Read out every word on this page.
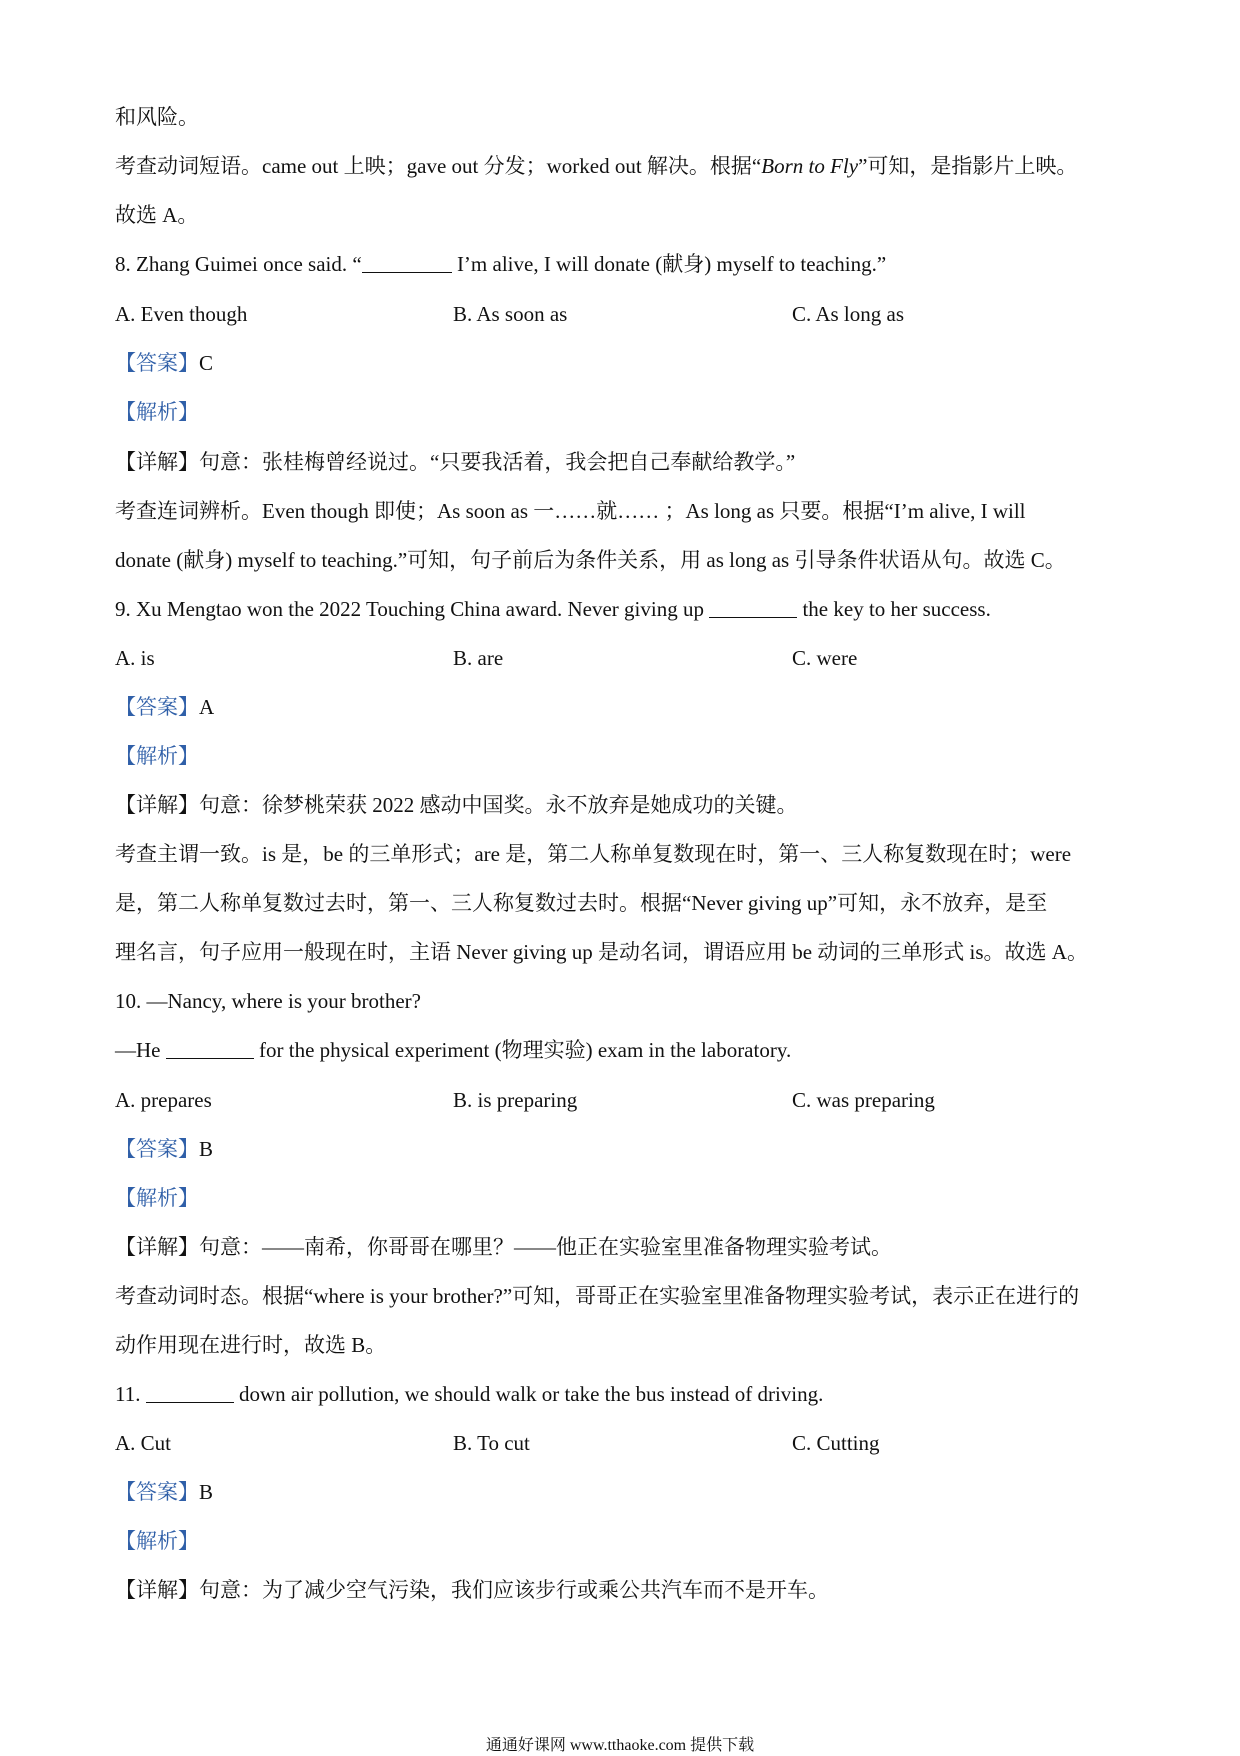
和风险。
考查动词短语。came out 上映；gave out 分发；worked out 解决。根据“Born to Fly”可知，是指影片上映。
故选 A。
8. Zhang Guimei once said. “	I’m alive, I will donate (献身) myself to teaching.”
A. Even though	B. As soon as	C. As long as
【答案】C
【解析】
【详解】句意：张桂梅曾经说过。“只要我活着，我会把自己奉献给教学。”
考查连词辨析。Even though 即使；As soon as 一……就…… ；As long as 只要。根据“I’m alive, I will
donate (献身) myself to teaching.”可知，句子前后为条件关系，用 as long as 引导条件状语从句。故选 C。
9. Xu Mengtao won the 2022 Touching China award. Never giving up	the key to her success.
A. is	B. are	C. were
【答案】A
【解析】
【详解】句意：徐梦桃荣获 2022 感动中国奖。永不放弃是她成功的关键。
考查主谓一致。is 是，be 的三单形式；are 是，第二人称单复数现在时，第一、三人称复数现在时；were
是，第二人称单复数过去时，第一、三人称复数过去时。根据“Never giving up”可知，永不放弃，是至
理名言，句子应用一般现在时，主语 Never giving up 是动名词，谓语应用 be 动词的三单形式 is。故选 A。
10. —Nancy, where is your brother?
—He	for the physical experiment (物理实验) exam in the laboratory.
A. prepares	B. is preparing	C. was preparing
【答案】B
【解析】
【详解】句意：——南希，你哥哥在哪里？——他正在实验室里准备物理实验考试。
考查动词时态。根据“where is your brother?”可知，哥哥正在实验室里准备物理实验考试，表示正在进行的
动作用现在进行时，故选 B。
11.	down air pollution, we should walk or take the bus instead of driving.
A. Cut	B. To cut	C. Cutting
【答案】B
【解析】
【详解】句意：为了减少空气污染，我们应该步行或乘公共汽车而不是开车。
通通好课网 www.tthaoke.com 提供下载
